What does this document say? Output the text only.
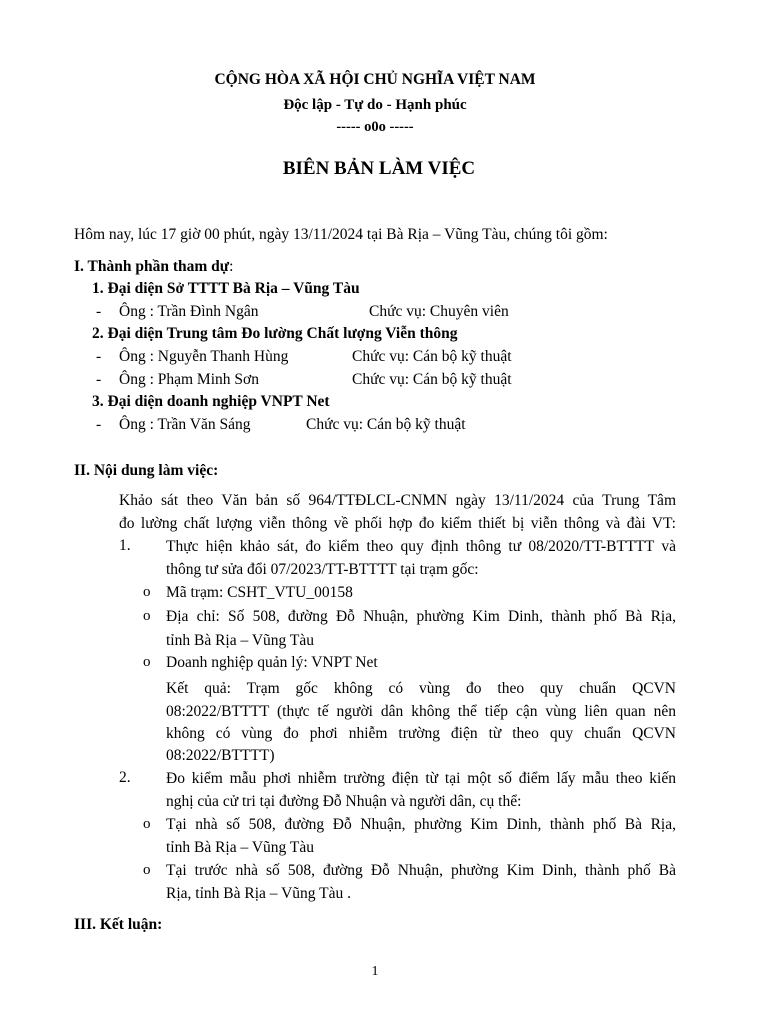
CỘNG HÒA XÃ HỘI CHỦ NGHĨA VIỆT NAM
Độc lập - Tự do - Hạnh phúc
----- o0o -----
BIÊN BẢN LÀM VIỆC
Hôm nay, lúc 17 giờ 00 phút, ngày 13/11/2024 tại Bà Rịa – Vũng Tàu, chúng tôi gồm:
I. Thành phần tham dự:
1. Đại diện Sở TTTT Bà Rịa – Vũng Tàu
- Ông : Trần Đình Ngân	Chức vụ: Chuyên viên
2. Đại diện Trung tâm Đo lường Chất lượng Viễn thông
- Ông : Nguyễn Thanh Hùng	Chức vụ: Cán bộ kỹ thuật
- Ông : Phạm Minh Sơn	Chức vụ: Cán bộ kỹ thuật
3. Đại diện doanh nghiệp VNPT Net
- Ông : Trần Văn Sáng	Chức vụ: Cán bộ kỹ thuật
II. Nội dung làm việc:
Khảo sát theo Văn bản số 964/TTĐLCL-CNMN ngày 13/11/2024 của Trung Tâm
đo lường chất lượng viễn thông về phối hợp đo kiểm thiết bị viễn thông và đài VT:
1. Thực hiện khảo sát, đo kiểm theo quy định thông tư 08/2020/TT-BTTTT và
thông tư sửa đổi 07/2023/TT-BTTTT tại trạm gốc:
o Mã trạm: CSHT_VTU_00158
o Địa chỉ: Số 508, đường Đỗ Nhuận, phường Kim Dinh, thành phố Bà Rịa,
tỉnh Bà Rịa – Vũng Tàu
o Doanh nghiệp quản lý: VNPT Net
Kết quả: Trạm gốc không có vùng đo theo quy chuẩn QCVN
08:2022/BTTTT (thực tế người dân không thể tiếp cận vùng liên quan nên
không có vùng đo phơi nhiễm trường điện từ theo quy chuẩn QCVN
08:2022/BTTTT)
2. Đo kiểm mẫu phơi nhiễm trường điện từ tại một số điểm lấy mẫu theo kiến
nghị của cử tri tại đường Đỗ Nhuận và người dân, cụ thể:
o Tại nhà số 508, đường Đỗ Nhuận, phường Kim Dinh, thành phố Bà Rịa,
tỉnh Bà Rịa – Vũng Tàu
o Tại trước nhà số 508, đường Đỗ Nhuận, phường Kim Dinh, thành phố Bà
Rịa, tỉnh Bà Rịa – Vũng Tàu .
III. Kết luận:
1
